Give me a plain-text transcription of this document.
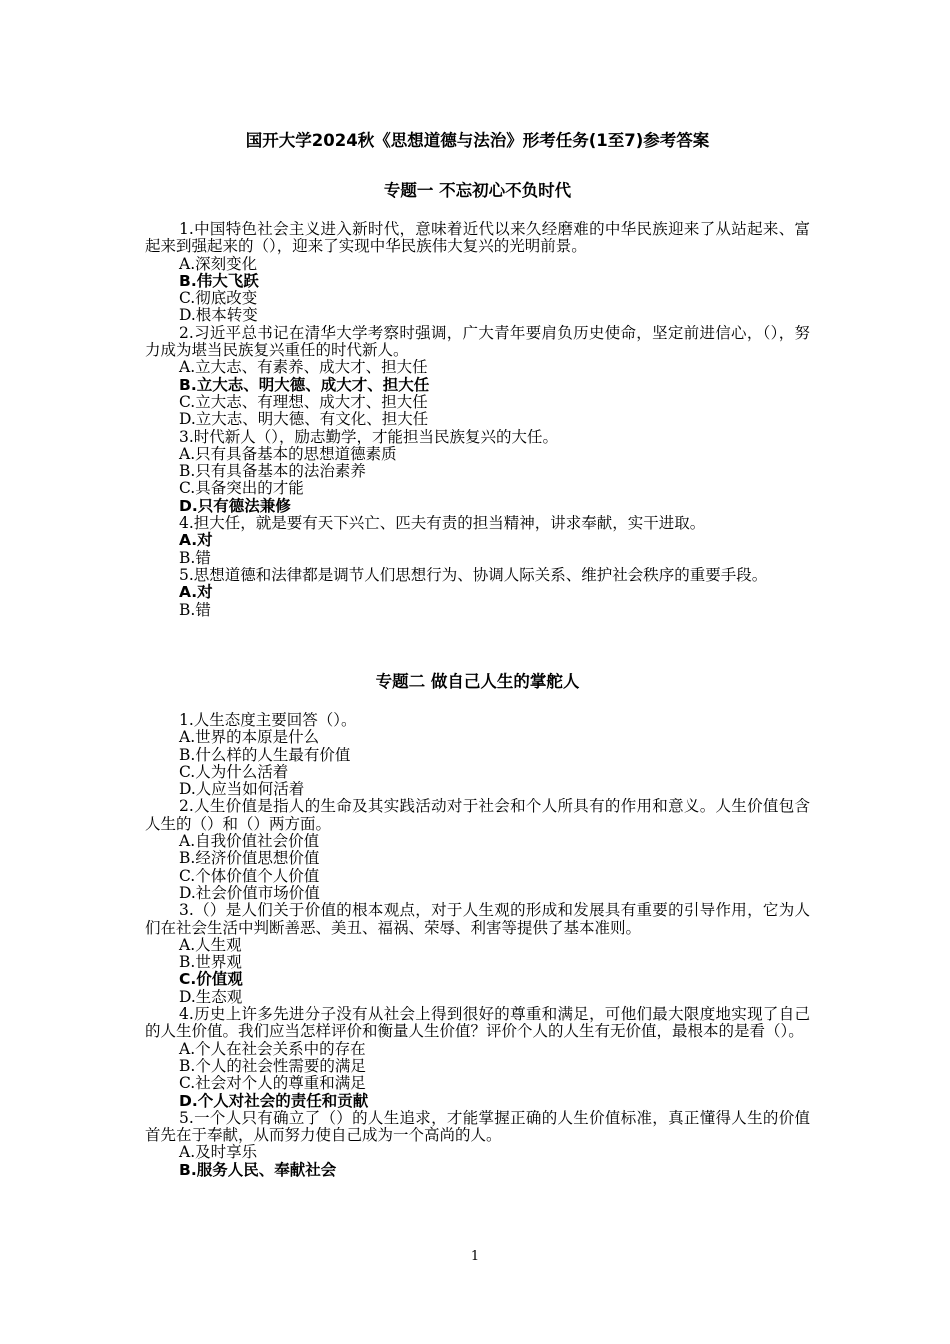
国开大学2024秋《思想道德与法治》形考任务(1至7)参考答案
专题一 不忘初心不负时代

1.中国特色社会主义进入新时代，意味着近代以来久经磨难的中华民族迎来了从站起来、富起来到强起来的（），迎来了实现中华民族伟大复兴的光明前景。

A.深刻变化

B.伟大飞跃

C.彻底改变

D.根本转变

2.习近平总书记在清华大学考察时强调，广大青年要肩负历史使命，坚定前进信心，（），努力成为堪当民族复兴重任的时代新人。

A.立大志、有素养、成大才、担大任

B.立大志、明大德、成大才、担大任

C.立大志、有理想、成大才、担大任

D.立大志、明大德、有文化、担大任

3.时代新人（），励志勤学，才能担当民族复兴的大任。

A.只有具备基本的思想道德素质

B.只有具备基本的法治素养

C.具备突出的才能

D.只有德法兼修

4.担大任，就是要有天下兴亡、匹夫有责的担当精神，讲求奉献，实干进取。

A.对

B.错

5.思想道德和法律都是调节人们思想行为、协调人际关系、维护社会秩序的重要手段。

A.对

B.错

专题二 做自己人生的掌舵人

1.人生态度主要回答（）。

A.世界的本原是什么

B.什么样的人生最有价值

C.人为什么活着

D.人应当如何活着

2.人生价值是指人的生命及其实践活动对于社会和个人所具有的作用和意义。人生价值包含人生的（）和（）两方面。

A.自我价值社会价值

B.经济价值思想价值

C.个体价值个人价值

D.社会价值市场价值

3.（）是人们关于价值的根本观点，对于人生观的形成和发展具有重要的引导作用，它为人们在社会生活中判断善恶、美丑、福祸、荣辱、利害等提供了基本准则。

A.人生观

B.世界观

C.价值观

D.生态观

4.历史上许多先进分子没有从社会上得到很好的尊重和满足，可他们最大限度地实现了自己的人生价值。我们应当怎样评价和衡量人生价值？评价个人的人生有无价值，最根本的是看（）。

A.个人在社会关系中的存在

B.个人的社会性需要的满足

C.社会对个人的尊重和满足

D.个人对社会的责任和贡献

5.一个人只有确立了（）的人生追求，才能掌握正确的人生价值标准，真正懂得人生的价值首先在于奉献，从而努力使自己成为一个高尚的人。

A.及时享乐

B.服务人民、奉献社会

1
